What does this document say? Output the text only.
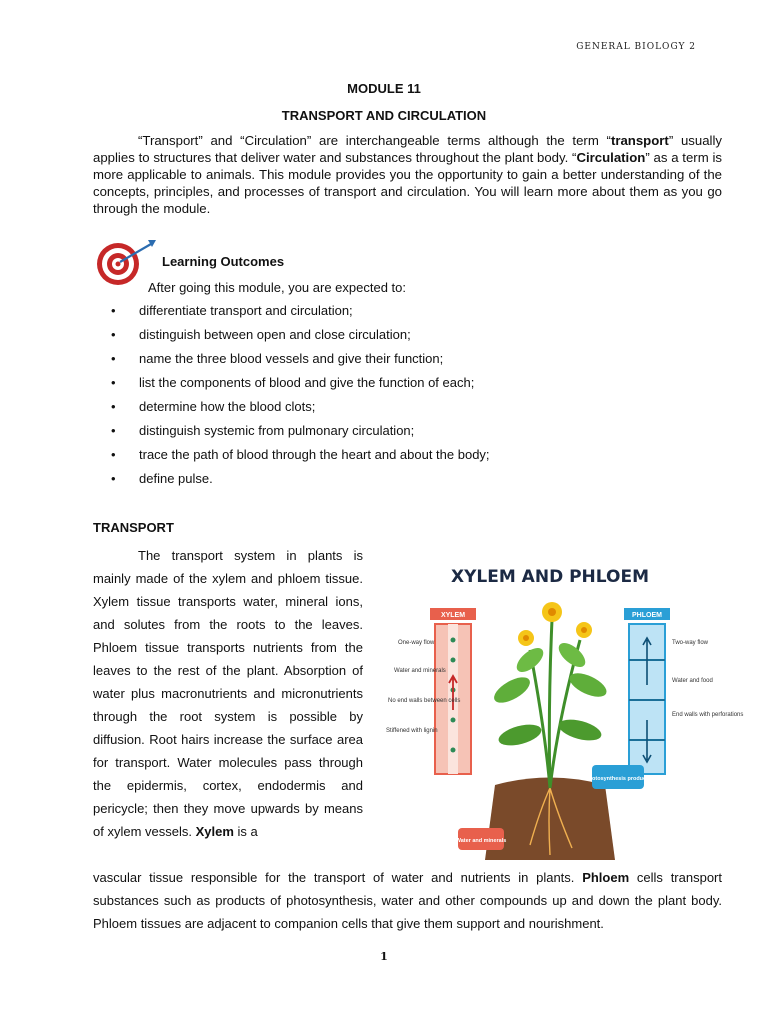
GENERAL BIOLOGY 2
MODULE 11
TRANSPORT AND CIRCULATION
“Transport” and “Circulation” are interchangeable terms although the term “transport” usually applies to structures that deliver water and substances throughout the plant body. “Circulation” as a term is more applicable to animals. This module provides you the opportunity to gain a better understanding of the concepts, principles, and processes of transport and circulation. You will learn more about them as you go through the module.
Learning Outcomes
After going this module, you are expected to:
• differentiate transport and circulation;
• distinguish between open and close circulation;
• name the three blood vessels and give their function;
• list the components of blood and give the function of each;
• determine how the blood clots;
• distinguish systemic from pulmonary circulation;
• trace the path of blood through the heart and about the body;
• define pulse.
TRANSPORT
The transport system in plants is mainly made of the xylem and phloem tissue. Xylem tissue transports water, mineral ions, and solutes from the roots to the leaves. Phloem tissue transports nutrients from the leaves to the rest of the plant. Absorption of water plus macronutrients and micronutrients through the root system is possible by diffusion. Root hairs increase the surface area for transport. Water molecules pass through the epidermis, cortex, endodermis and pericycle; then they move upwards by means of xylem vessels. Xylem is a
XYLEM AND PHLOEM
XYLEM
One-way flow
Water and minerals
No end walls between cells
Stiffened with lignin
PHLOEM
Two-way flow
Water and food
End walls with perforations
Photosynthesis products
Water and minerals
vascular tissue responsible for the transport of water and nutrients in plants. Phloem cells transport substances such as products of photosynthesis, water and other compounds up and down the plant body. Phloem tissues are adjacent to companion cells that give them support and nourishment.
1
